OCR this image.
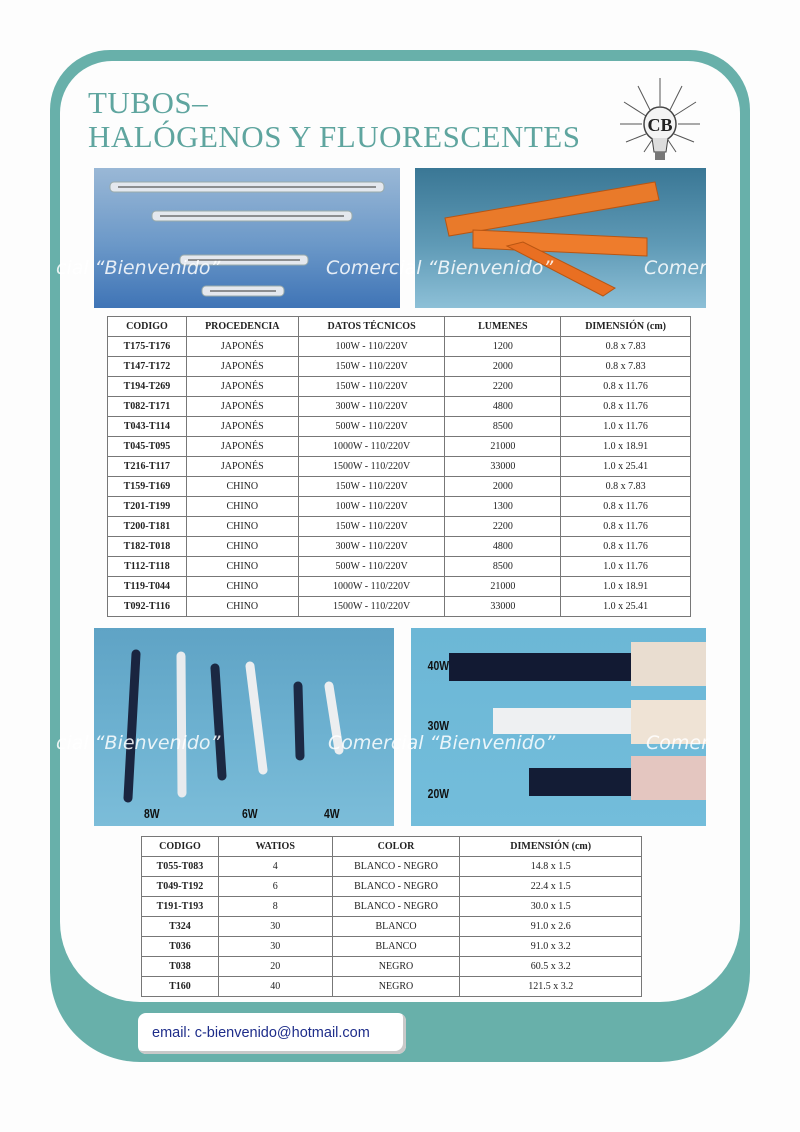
TUBOS–
HALÓGENOS Y FLUORESCENTES	CB
CODIGO	PROCEDENCIA	DATOS TÉCNICOS	LUMENES	DIMENSIÓN (cm)
T175-T176	JAPONÉS	100W - 110/220V	1200	0.8 x 7.83
T147-T172	JAPONÉS	150W - 110/220V	2000	0.8 x 7.83
T194-T269	JAPONÉS	150W - 110/220V	2200	0.8 x 11.76
T082-T171	JAPONÉS	300W - 110/220V	4800	0.8 x 11.76
T043-T114	JAPONÉS	500W - 110/220V	8500	1.0 x 11.76
T045-T095	JAPONÉS	1000W - 110/220V	21000	1.0 x 18.91
T216-T117	JAPONÉS	1500W - 110/220V	33000	1.0 x 25.41
T159-T169	CHINO	150W - 110/220V	2000	0.8 x 7.83
T201-T199	CHINO	100W - 110/220V	1300	0.8 x 11.76
T200-T181	CHINO	150W - 110/220V	2200	0.8 x 11.76
T182-T018	CHINO	300W - 110/220V	4800	0.8 x 11.76
T112-T118	CHINO	500W - 110/220V	8500	1.0 x 11.76
T119-T044	CHINO	1000W - 110/220V	21000	1.0 x 18.91
T092-T116	CHINO	1500W - 110/220V	33000	1.0 x 25.41
8W	6W	4W
40W
30W
20W
CODIGO	WATIOS	COLOR	DIMENSIÓN (cm)
T055-T083	4	BLANCO - NEGRO	14.8 x 1.5
T049-T192	6	BLANCO - NEGRO	22.4 x 1.5
T191-T193	8	BLANCO - NEGRO	30.0 x 1.5
T324	30	BLANCO	91.0 x 2.6
T036	30	BLANCO	91.0 x 3.2
T038	20	NEGRO	60.5 x 3.2
T160	40	NEGRO	121.5 x 3.2
cial “Bienvenido”	Comercial “Bienvenido”	Comer
cial “Bienvenido”	Comercial “Bienvenido”	Comer
email: c-bienvenido@hotmail.com
